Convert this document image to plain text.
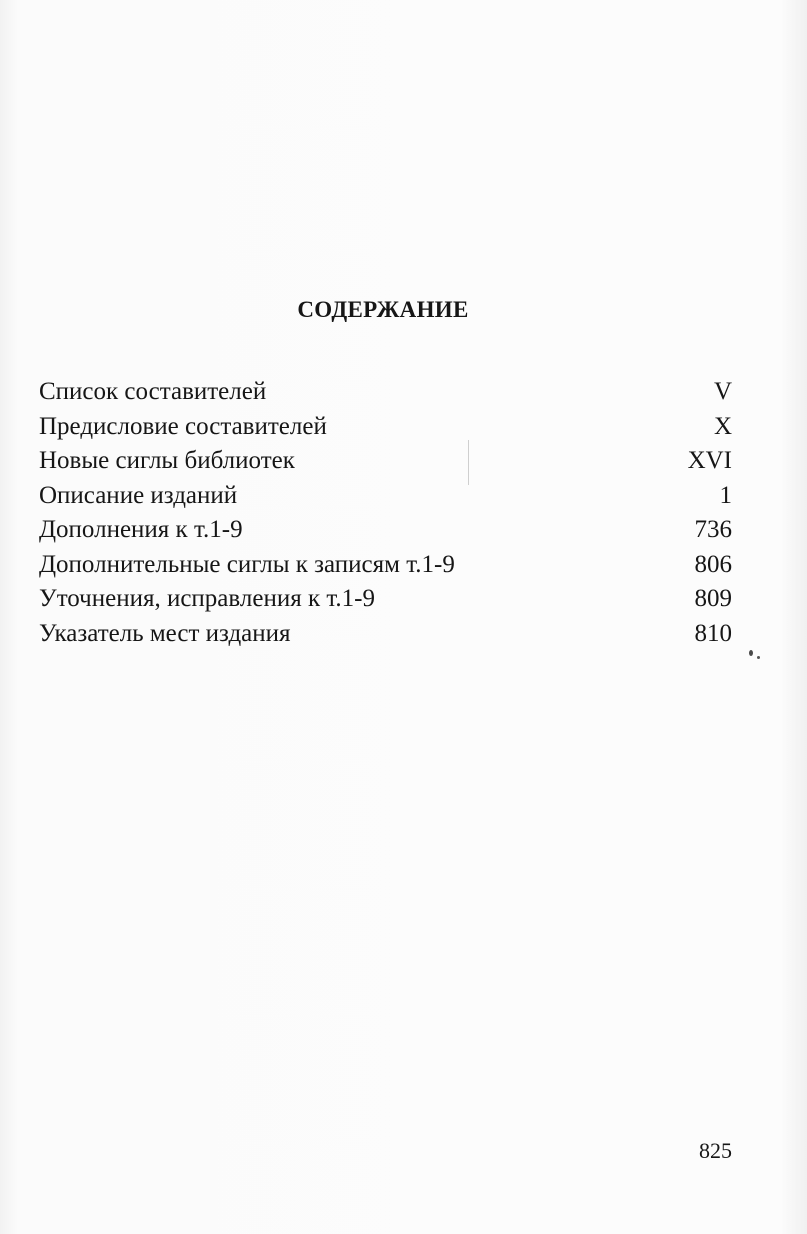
СОДЕРЖАНИЕ
Список составителей	V
Предисловие составителей	X
Новые сиглы библиотек	XVI
Описание изданий	1
Дополнения к т.1-9	736
Дополнительные сиглы к записям т.1-9	806
Уточнения, исправления к т.1-9	809
Указатель мест издания	810
825
